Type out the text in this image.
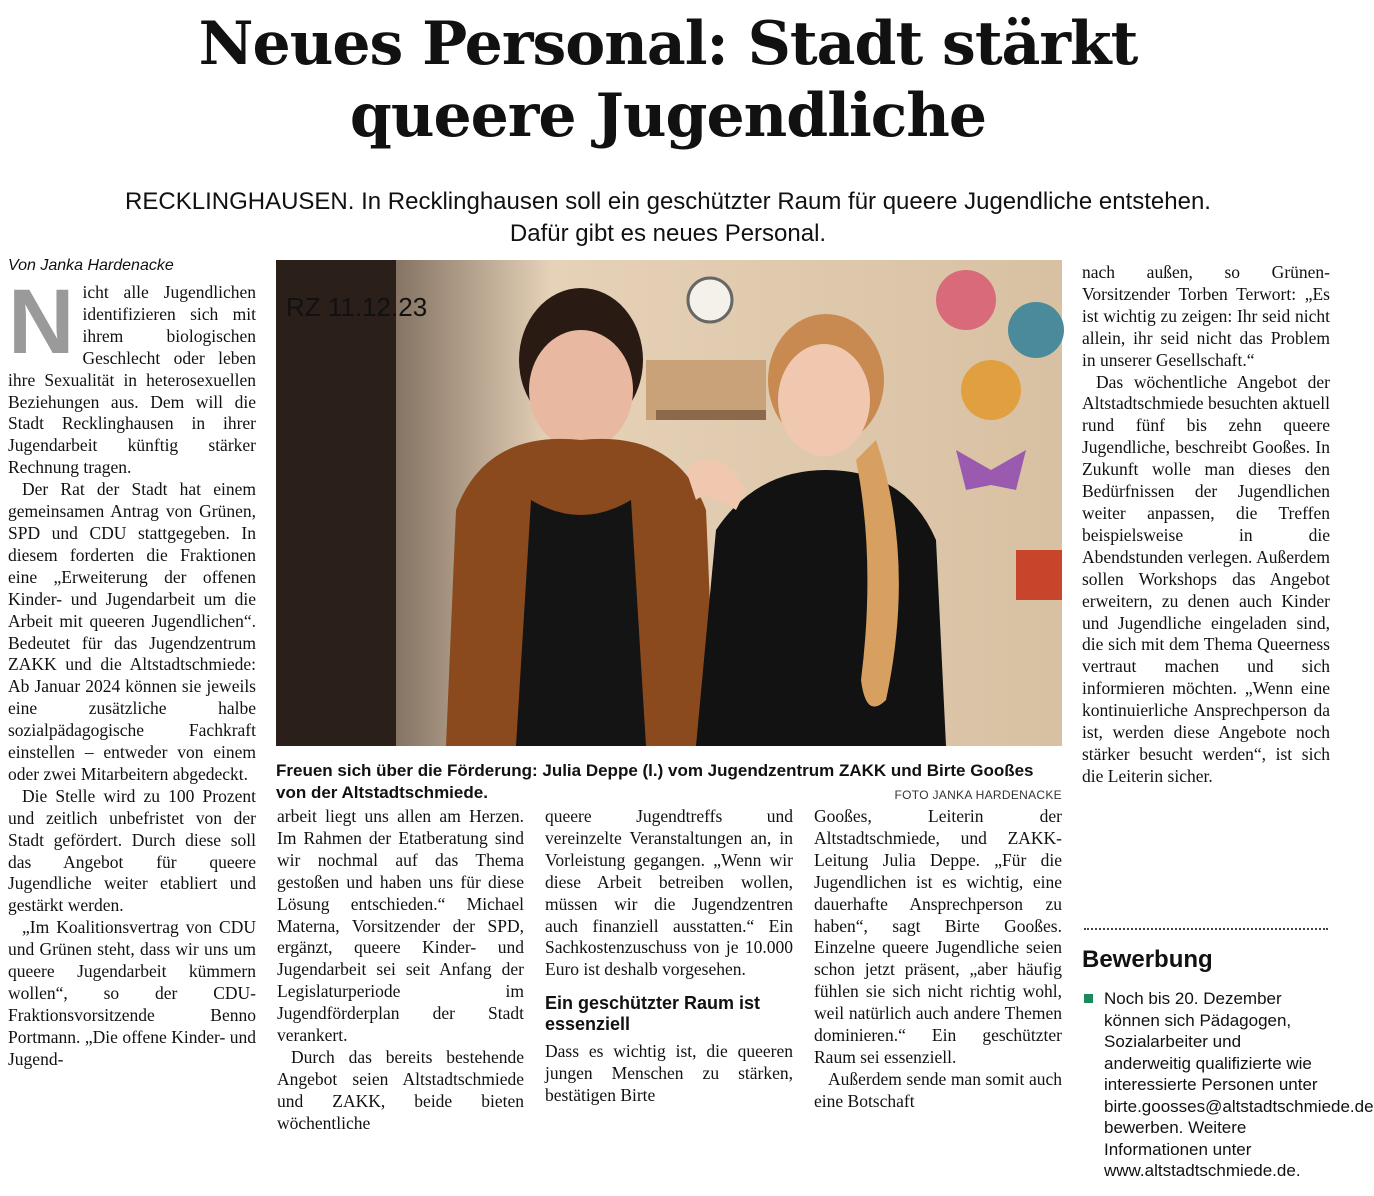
Neues Personal: Stadt stärkt
queere Jugendliche
RECKLINGHAUSEN. In Recklinghausen soll ein geschützter Raum für queere Jugendliche entstehen.
Dafür gibt es neues Personal.
Von Janka Hardenacke

Nicht alle Jugendlichen identifizieren sich mit ihrem biologischen Geschlecht oder leben ihre Sexualität in heterosexuellen Beziehungen aus. Dem will die Stadt Recklinghausen in ihrer Jugendarbeit künftig stärker Rechnung tragen.

Der Rat der Stadt hat einem gemeinsamen Antrag von Grünen, SPD und CDU stattgegeben. In diesem forderten die Fraktionen eine „Erweiterung der offenen Kinder- und Jugendarbeit um die Arbeit mit queeren Jugendlichen“. Bedeutet für das Jugendzentrum ZAKK und die Altstadtschmiede: Ab Januar 2024 können sie jeweils eine zusätzliche halbe sozialpädagogische Fachkraft einstellen – entweder von einem oder zwei Mitarbeitern abgedeckt.

Die Stelle wird zu 100 Prozent und zeitlich unbefristet von der Stadt gefördert. Durch diese soll das Angebot für queere Jugendliche weiter etabliert und gestärkt werden.

„Im Koalitionsvertrag von CDU und Grünen steht, dass wir uns um queere Jugendarbeit kümmern wollen“, so der CDU-Fraktionsvorsitzende Benno Portmann. „Die offene Kinder- und Jugend-

RZ 11.12.23
Freuen sich über die Förderung: Julia Deppe (l.) vom Jugendzentrum ZAKK und Birte Gooßes
von der Altstadtschmiede.	FOTO JANKA HARDENACKE

arbeit liegt uns allen am Herzen. Im Rahmen der Etatberatung sind wir nochmal auf das Thema gestoßen und haben uns für diese Lösung entschieden.“ Michael Materna, Vorsitzender der SPD, ergänzt, queere Kinder- und Jugendarbeit sei seit Anfang der Legislaturperiode im Jugendförderplan der Stadt verankert.

Durch das bereits bestehende Angebot seien Altstadtschmiede und ZAKK, beide bieten wöchentliche

queere Jugendtreffs und vereinzelte Veranstaltungen an, in Vorleistung gegangen. „Wenn wir diese Arbeit betreiben wollen, müssen wir die Jugendzentren auch finanziell ausstatten.“ Ein Sachkostenzuschuss von je 10.000 Euro ist deshalb vorgesehen.

Ein geschützter Raum ist essenziell

Dass es wichtig ist, die queeren jungen Menschen zu stärken, bestätigen Birte

Gooßes, Leiterin der Altstadtschmiede, und ZAKK-Leitung Julia Deppe. „Für die Jugendlichen ist es wichtig, eine dauerhafte Ansprechperson zu haben“, sagt Birte Gooßes. Einzelne queere Jugendliche seien schon jetzt präsent, „aber häufig fühlen sie sich nicht richtig wohl, weil natürlich auch andere Themen dominieren.“ Ein geschützter Raum sei essenziell.

Außerdem sende man somit auch eine Botschaft

nach außen, so Grünen-Vorsitzender Torben Terwort: „Es ist wichtig zu zeigen: Ihr seid nicht allein, ihr seid nicht das Problem in unserer Gesellschaft.“

Das wöchentliche Angebot der Altstadtschmiede besuchten aktuell rund fünf bis zehn queere Jugendliche, beschreibt Gooßes. In Zukunft wolle man dieses den Bedürfnissen der Jugendlichen weiter anpassen, die Treffen beispielsweise in die Abendstunden verlegen. Außerdem sollen Workshops das Angebot erweitern, zu denen auch Kinder und Jugendliche eingeladen sind, die sich mit dem Thema Queerness vertraut machen und sich informieren möchten. „Wenn eine kontinuierliche Ansprechperson da ist, werden diese Angebote noch stärker besucht werden“, ist sich die Leiterin sicher.

Bewerbung
Noch bis 20. Dezember können sich Pädagogen, Sozialarbeiter und anderweitig qualifizierte wie interessierte Personen unter birte.goosses@altstadtschmiede.de bewerben. Weitere Informationen unter www.altstadtschmiede.de.
